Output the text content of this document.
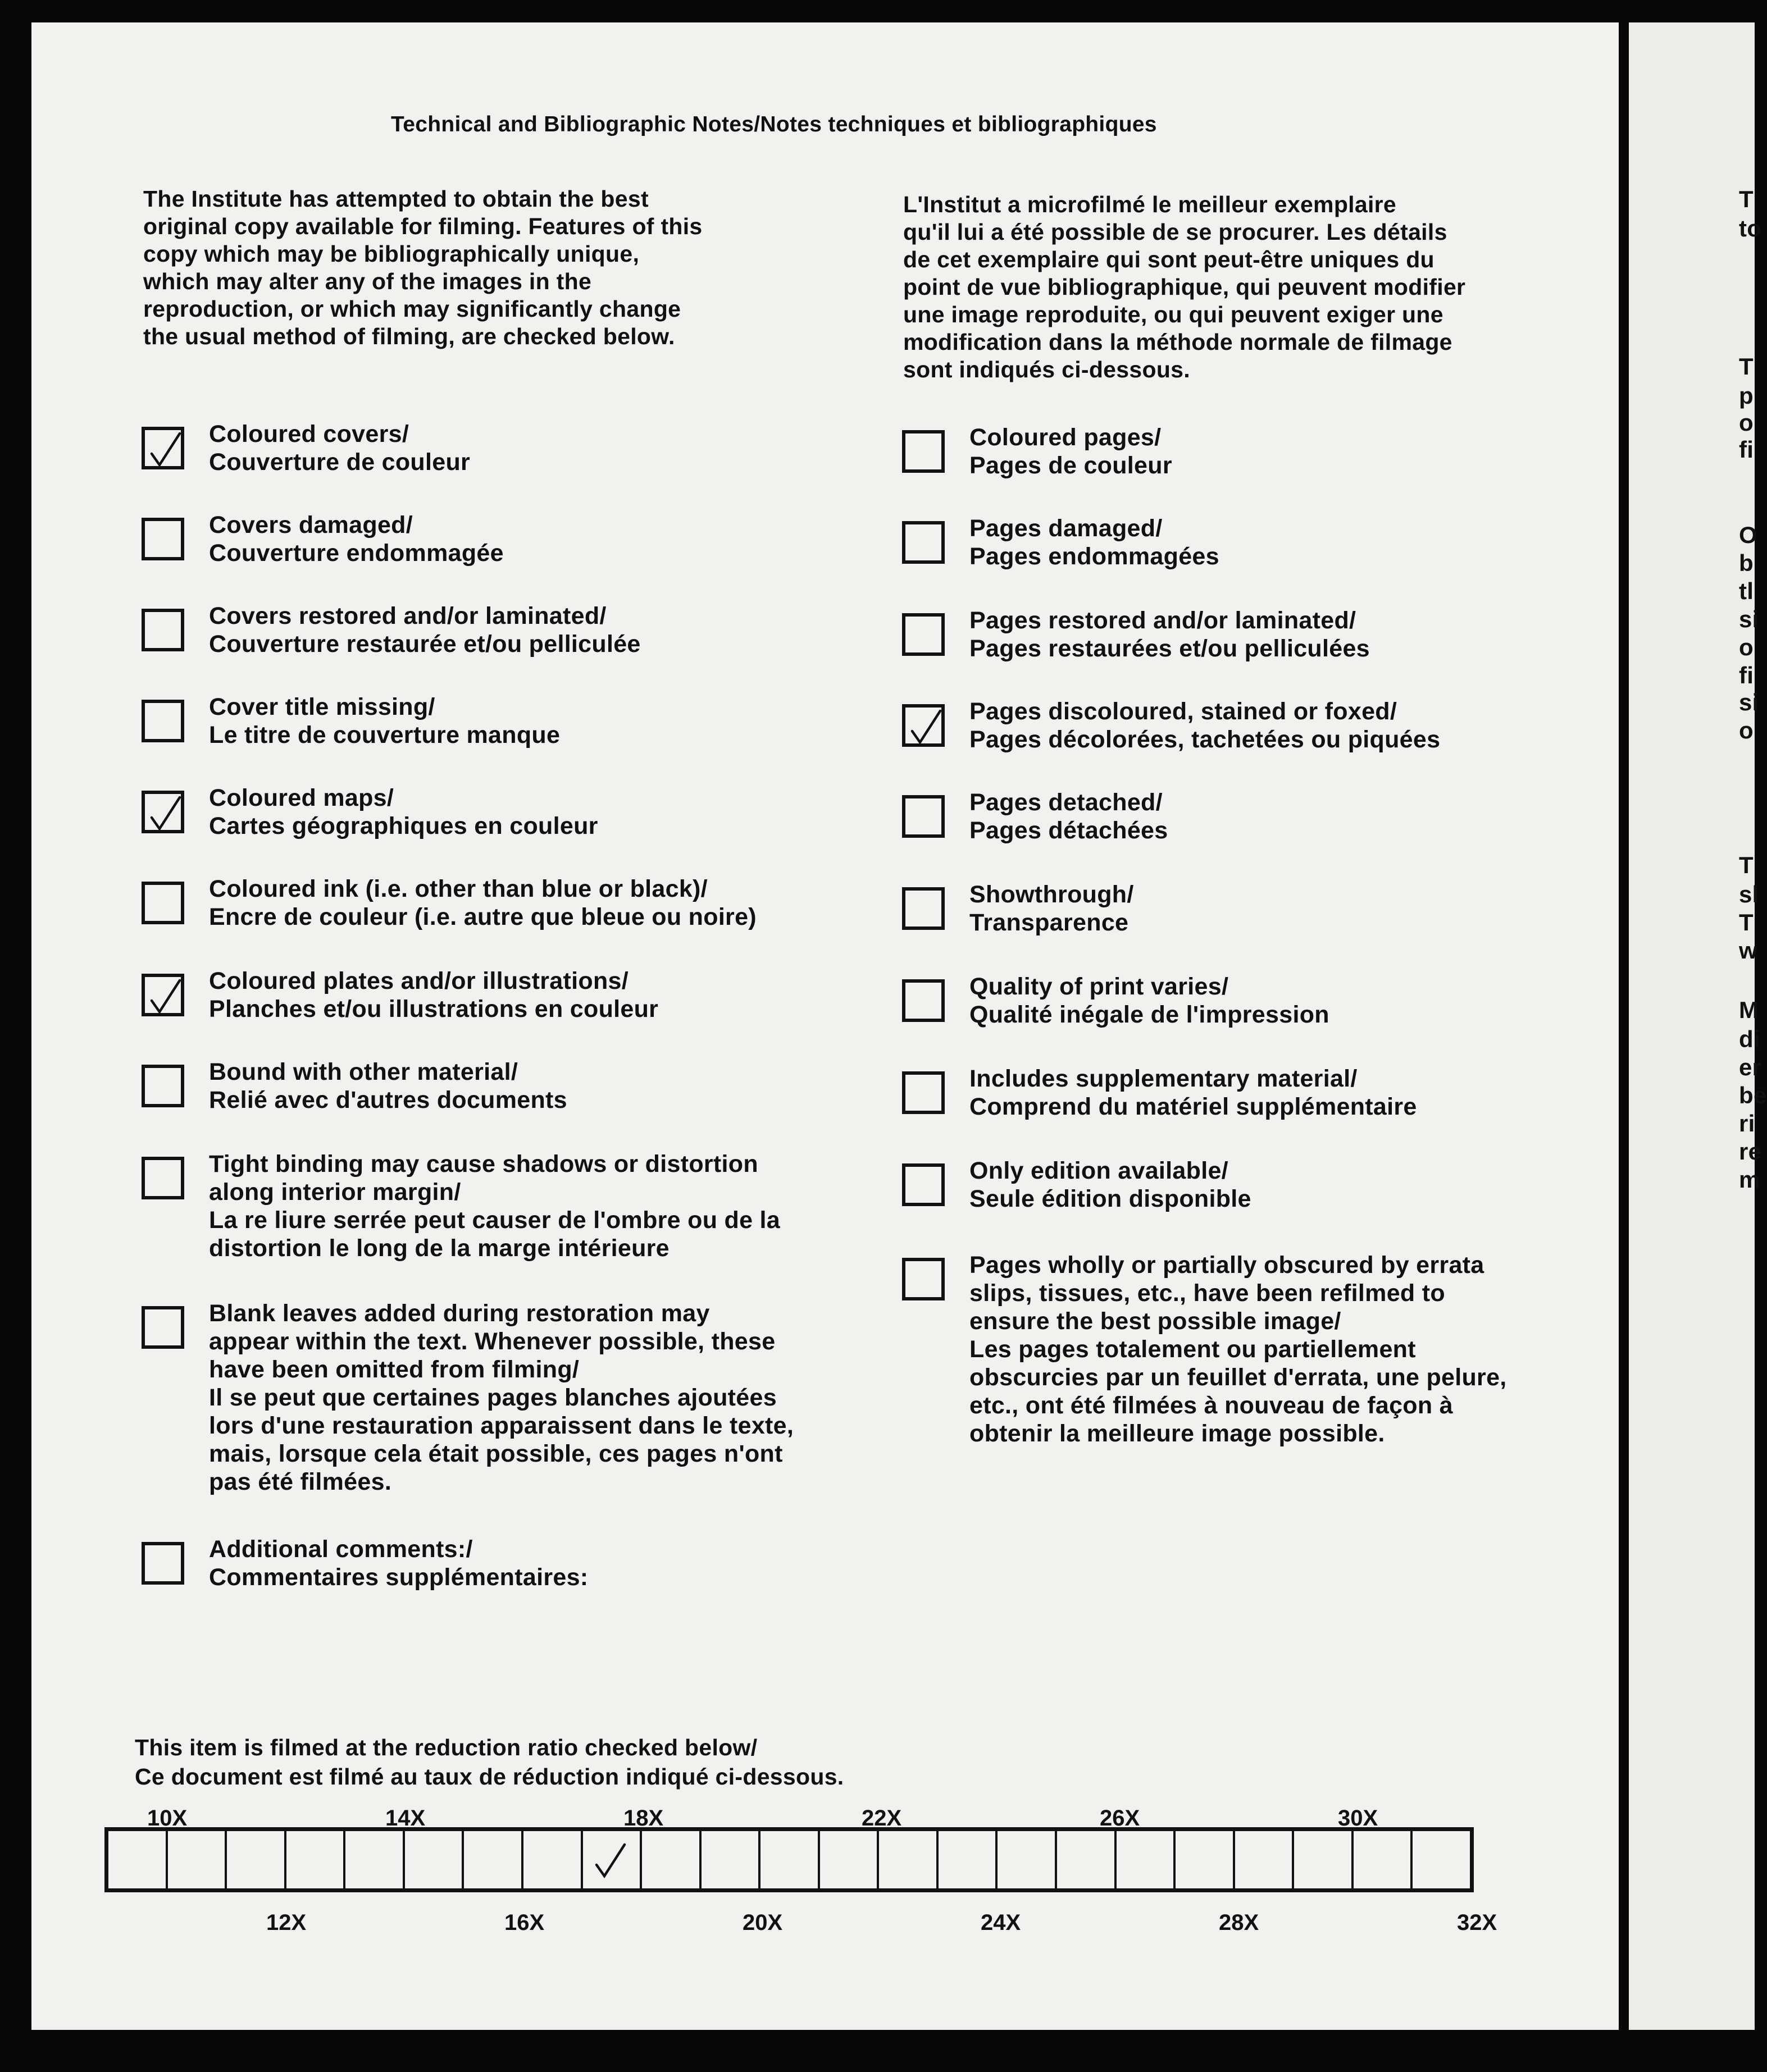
Technical and Bibliographic Notes/Notes techniques et bibliographiques
This item is filmed at the reduction ratio checked below/
Ce document est filmé au taux de réduction indiqué ci-dessous.
The Institute has attempted to obtain the best
original copy available for filming. Features of this
copy which may be bibliographically unique,
which may alter any of the images in the
reproduction, or which may significantly change
the usual method of filming, are checked below.
L'Institut a microfilmé le meilleur exemplaire
qu'il lui a été possible de se procurer. Les détails
de cet exemplaire qui sont peut-être uniques du
point de vue bibliographique, qui peuvent modifier
une image reproduite, ou qui peuvent exiger une
modification dans la méthode normale de filmage
sont indiqués ci-dessous.
Coloured covers/
Couverture de couleur
Covers damaged/
Couverture endommagée
Covers restored and/or laminated/
Couverture restaurée et/ou pelliculée
Cover title missing/
Le titre de couverture manque
Coloured maps/
Cartes géographiques en couleur
Coloured ink (i.e. other than blue or black)/
Encre de couleur (i.e. autre que bleue ou noire)
Coloured plates and/or illustrations/
Planches et/ou illustrations en couleur
Bound with other material/
Relié avec d'autres documents
Tight binding may cause shadows or distortion
along interior margin/
La re liure serrée peut causer de l'ombre ou de la
distortion le long de la marge intérieure
Blank leaves added during restoration may
appear within the text. Whenever possible, these
have been omitted from filming/
Il se peut que certaines pages blanches ajoutées
lors d'une restauration apparaissent dans le texte,
mais, lorsque cela était possible, ces pages n'ont
pas été filmées.
Additional comments:/
Commentaires supplémentaires:
Coloured pages/
Pages de couleur
Pages damaged/
Pages endommagées
Pages restored and/or laminated/
Pages restaurées et/ou pelliculées
Pages discoloured, stained or foxed/
Pages décolorées, tachetées ou piquées
Pages detached/
Pages détachées
Showthrough/
Transparence
Quality of print varies/
Qualité inégale de l'impression
Includes supplementary material/
Comprend du matériel supplémentaire
Only edition available/
Seule édition disponible
Pages wholly or partially obscured by errata
slips, tissues, etc., have been refilmed to
ensure the best possible image/
Les pages totalement ou partiellement
obscurcies par un feuillet d'errata, une pelure,
etc., ont été filmées à nouveau de façon à
obtenir la meilleure image possible.
10X	14X	18X	22X	26X	30X
12X	16X	20X	24X	28X	32X
T
to
T
p
o
fi
O
b
tl
si
o
fi
si
o
T
sl
T
w
M
di
er
be
ri
re
m
